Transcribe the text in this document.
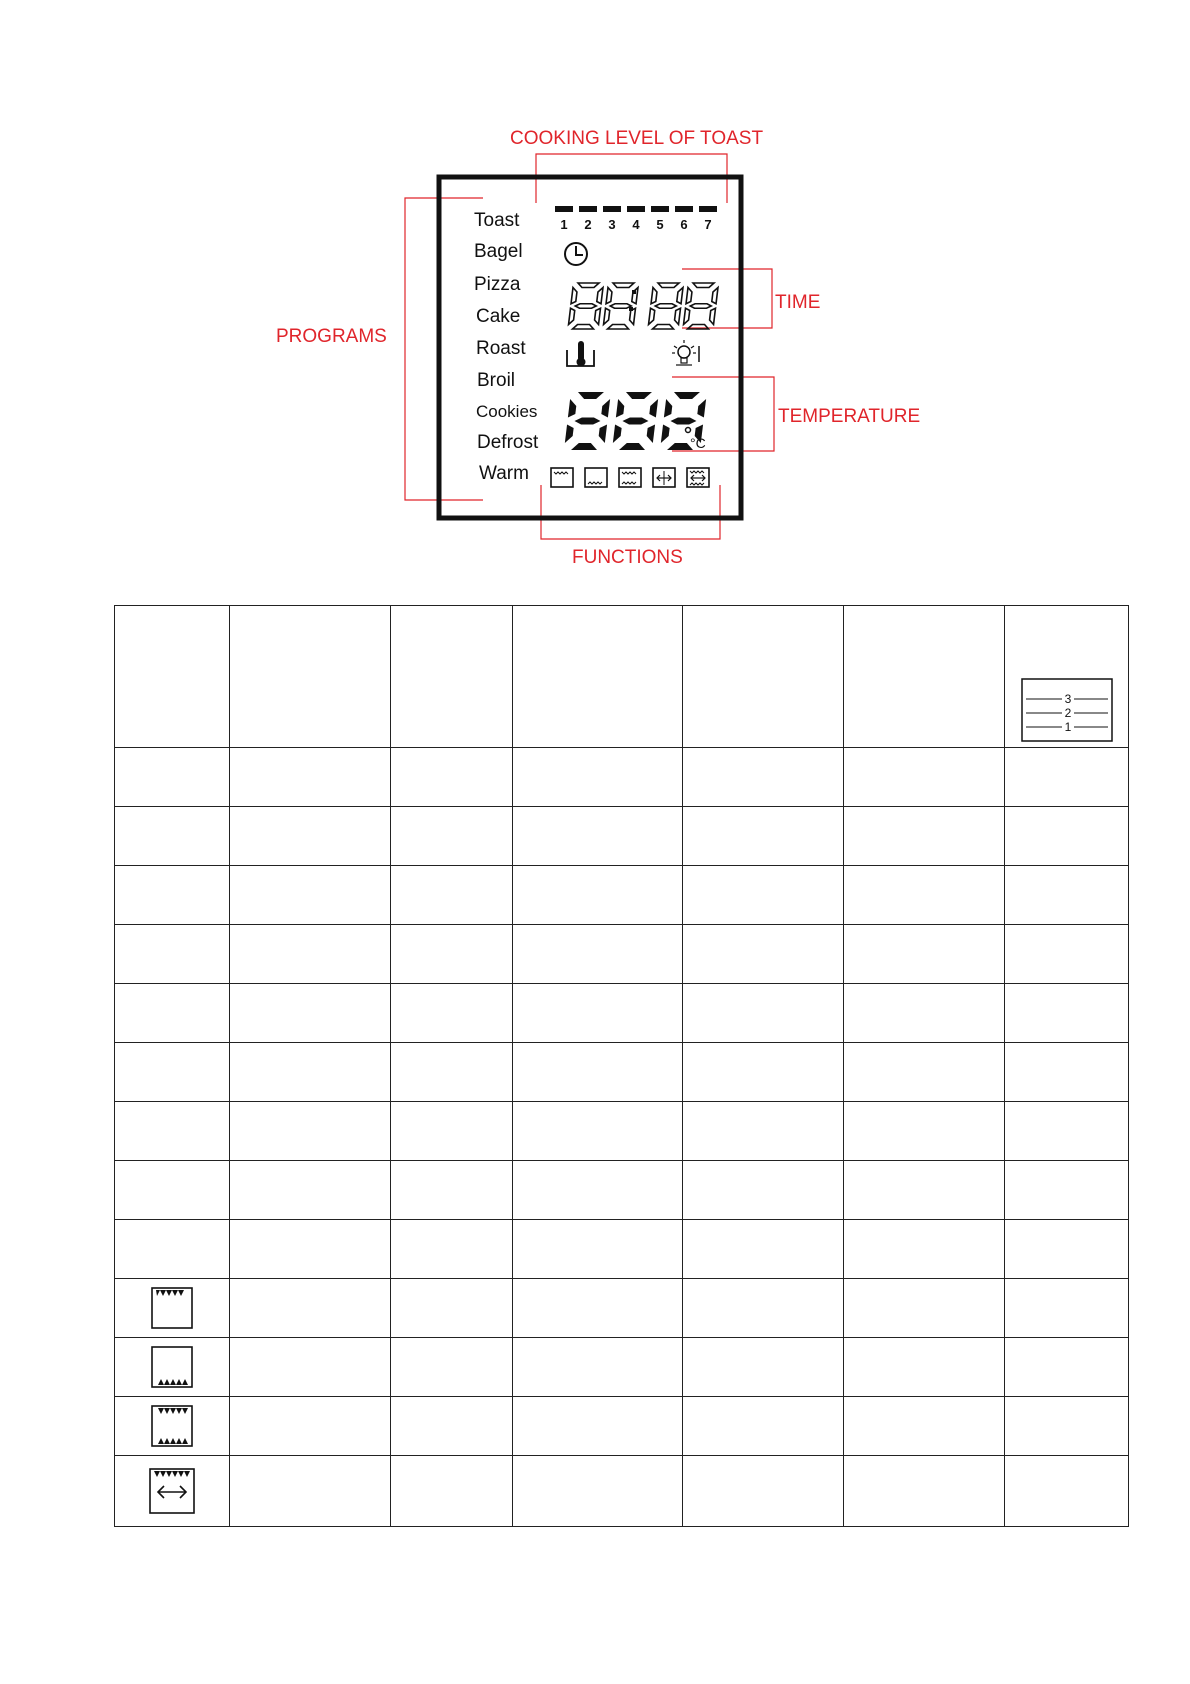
COOKING LEVEL OF TOAST
PROGRAMS
TIME
TEMPERATURE
FUNCTIONS
Toast
Bagel
Pizza
Cake
Roast
Broil
Cookies
Defrost
Warm
1 2 3 4 5 6 7
°C

3
2
1
